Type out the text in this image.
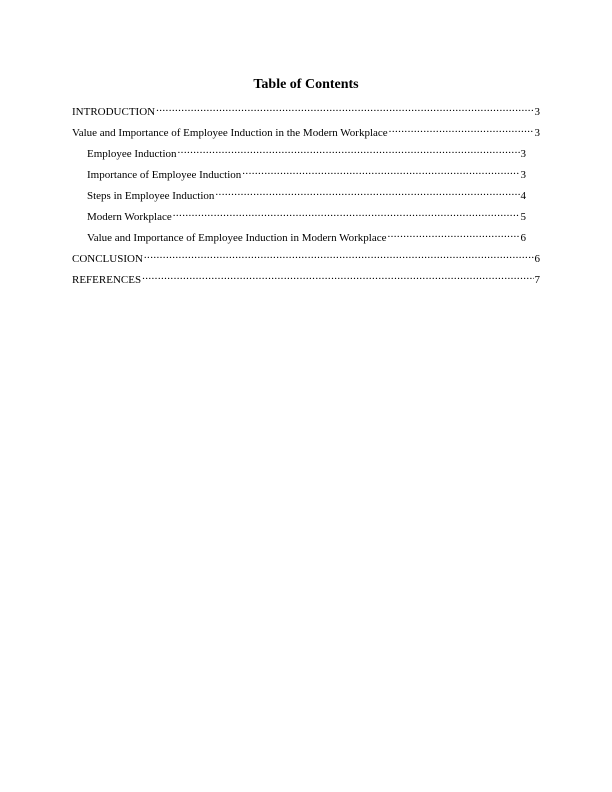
Table of Contents
INTRODUCTION .....	3
Value and Importance of Employee Induction in the Modern Workplace .....	3
Employee Induction .....	3
Importance of Employee Induction .....	3
Steps in Employee Induction .....	4
Modern Workplace .....	5
Value and Importance of Employee Induction in Modern Workplace .....	6
CONCLUSION .....	6
REFERENCES .....	7
